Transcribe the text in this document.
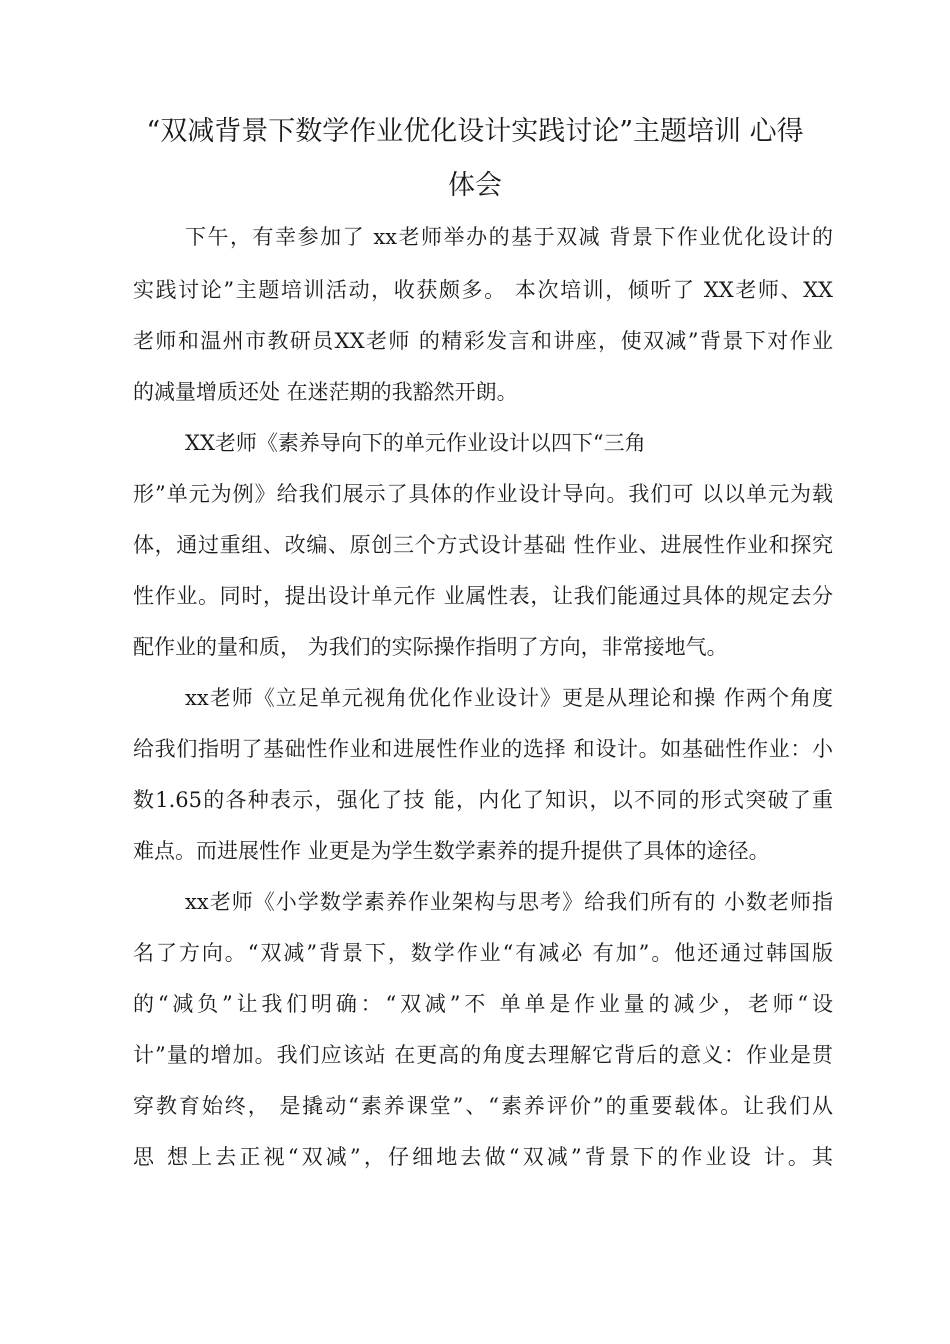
“双减背景下数学作业优化设计实践讨论”主题培训 心得
体会
下午，有幸参加了 xx老师举办的基于双减 背景下作业优化设计的
实践讨论”主题培训活动，收获颇多。 本次培训，倾听了 XX老师、XX
老师和温州市教研员XX老师 的精彩发言和讲座，使双减”背景下对作业
的减量增质还处 在迷茫期的我豁然开朗。
XX老师《素养导向下的单元作业设计以四下“三角
形”单元为例》给我们展示了具体的作业设计导向。我们可 以以单元为载
体，通过重组、改编、原创三个方式设计基础 性作业、进展性作业和探究
性作业。同时，提出设计单元作 业属性表，让我们能通过具体的规定去分
配作业的量和质， 为我们的实际操作指明了方向，非常接地气。
xx老师《立足单元视角优化作业设计》更是从理论和操 作两个角度
给我们指明了基础性作业和进展性作业的选择 和设计。如基础性作业：小
数1.65的各种表示，强化了技 能，内化了知识，以不同的形式突破了重
难点。而进展性作 业更是为学生数学素养的提升提供了具体的途径。
xx老师《小学数学素养作业架构与思考》给我们所有的 小数老师指
名了方向。“双减”背景下，数学作业“有减必 有加”。他还通过韩国版
的“减负”让我们明确：“双减”不 单单是作业量的减少，老师“设
计”量的增加。我们应该站 在更高的角度去理解它背后的意义：作业是贯
穿教育始终， 是撬动“素养课堂”、“素养评价”的重要载体。让我们从
思 想上去正视“双减”，仔细地去做“双减”背景下的作业设 计。其
